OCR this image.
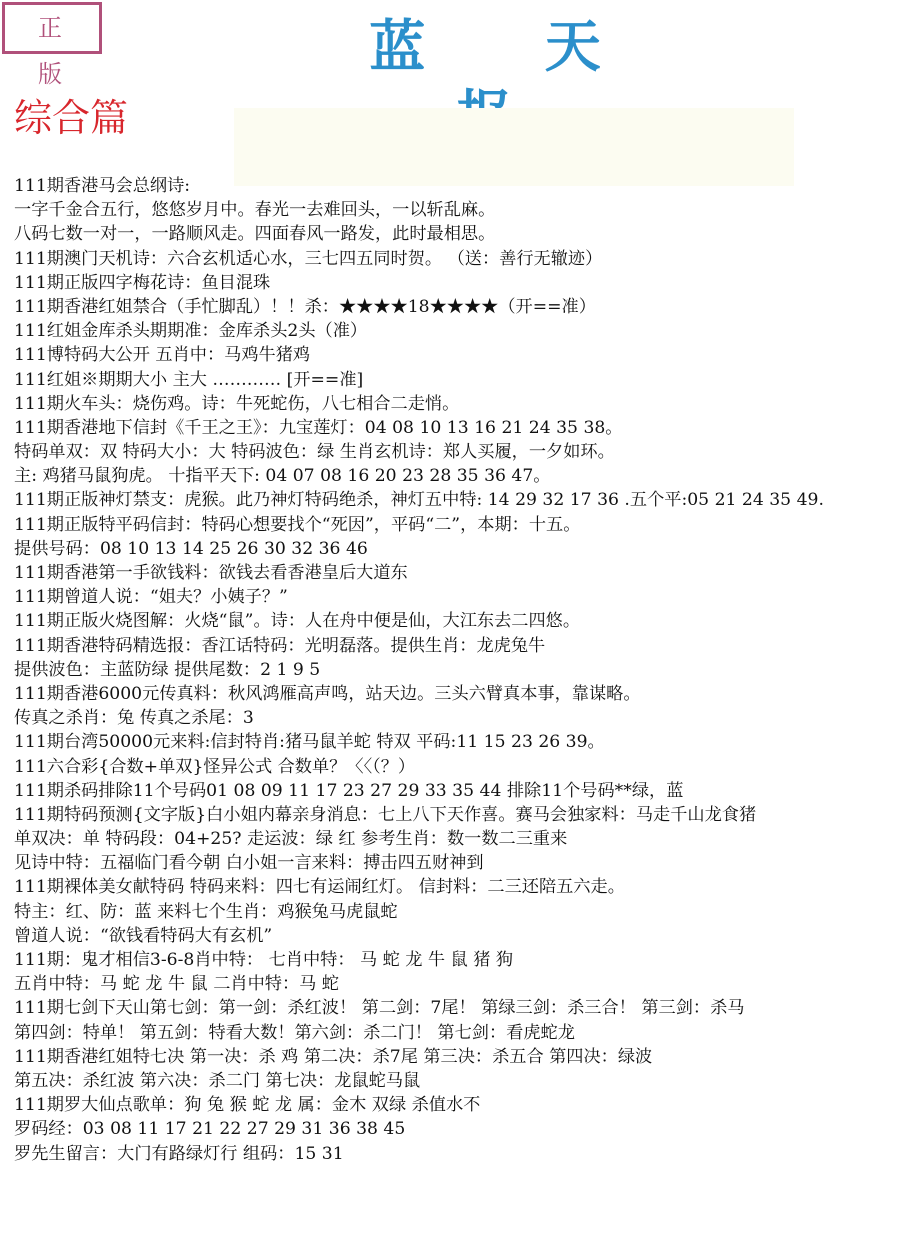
正 版	蓝 天
综合篇
111期香港马会总纲诗:
一字千金合五行，悠悠岁月中。春光一去难回头，一以斩乱麻。
八码七数一对一，一路顺风走。四面春风一路发，此时最相思。
111期澳门天机诗：六合玄机适心水，三七四五同时贺。 （送：善行无辙迹）
111期正版四字梅花诗：鱼目混珠
111期香港红姐禁合（手忙脚乱）！！杀：★★★★18★★★★（开==准）
111红姐金库杀头期期准：金库杀头2头（准）
111博特码大公开 五肖中：马鸡牛猪鸡
111红姐※期期大小 主大 ………… [开==准]
111期火车头：烧伤鸡。诗：牛死蛇伤，八七相合二走悄。
111期香港地下信封《千王之王》：九宝莲灯：04 08 10 13 16 21 24 35 38。
特码单双：双 特码大小：大 特码波色：绿 生肖玄机诗：郑人买履，一夕如环。
主: 鸡猪马鼠狗虎。 十指平天下: 04 07 08 16 20 23 28 35 36 47。
111期正版神灯禁支：虎猴。此乃神灯特码绝杀，神灯五中特: 14 29 32 17 36 .五个平:05 21 24 35 49.
111期正版特平码信封：特码心想要找个“死因”，平码“二”，本期：十五。
提供号码：08 10 13 14 25 26 30 32 36 46
111期香港第一手欲钱料：欲钱去看香港皇后大道东
111期曾道人说：“姐夫？小姨子？”
111期正版火烧图解：火烧“鼠”。诗：人在舟中便是仙，大江东去二四悠。
111期香港特码精选报：香江话特码：光明磊落。提供生肖：龙虎兔牛
提供波色：主蓝防绿 提供尾数：2 1 9 5
111期香港6000元传真料：秋风鸿雁高声鸣，站天边。三头六臂真本事，靠谋略。
传真之杀肖：兔 传真之杀尾：3
111期台湾50000元来料:信封特肖:猪马鼠羊蛇 特双 平码:11 15 23 26 39。
111六合彩{合数+单双}怪异公式 合数单？〈〈（？）
111期杀码排除11个号码01 08 09 11 17 23 27 29 33 35 44 排除11个号码**绿，蓝
111期特码预测{文字版}白小姐内幕亲身消息：七上八下天作喜。赛马会独家料：马走千山龙食猪
单双决：单 特码段：04+25? 走运波：绿 红 参考生肖：数一数二三重来
见诗中特：五福临门看今朝 白小姐一言来料：搏击四五财神到
111期裸体美女献特码 特码来料：四七有运闹红灯。 信封料：二三还陪五六走。
特主：红、防：蓝 来料七个生肖：鸡猴兔马虎鼠蛇
曾道人说：“欲钱看特码大有玄机”
111期：鬼才相信3-6-8肖中特： 七肖中特： 马 蛇 龙 牛 鼠 猪 狗
五肖中特：马 蛇 龙 牛 鼠 二肖中特：马 蛇
111期七剑下天山第七剑：第一剑：杀红波！ 第二剑：7尾！ 第绿三剑：杀三合！ 第三剑：杀马
第四剑：特单！ 第五剑：特看大数！第六剑：杀二门！ 第七剑：看虎蛇龙
111期香港红姐特七决 第一决：杀 鸡 第二决：杀7尾 第三决：杀五合 第四决：绿波
第五决：杀红波 第六决：杀二门 第七决：龙鼠蛇马鼠
111期罗大仙点歌单：狗 兔 猴 蛇 龙 属：金木 双绿 杀值水不
罗码经：03 08 11 17 21 22 27 29 31 36 38 45
罗先生留言：大门有路绿灯行 组码：15 31
